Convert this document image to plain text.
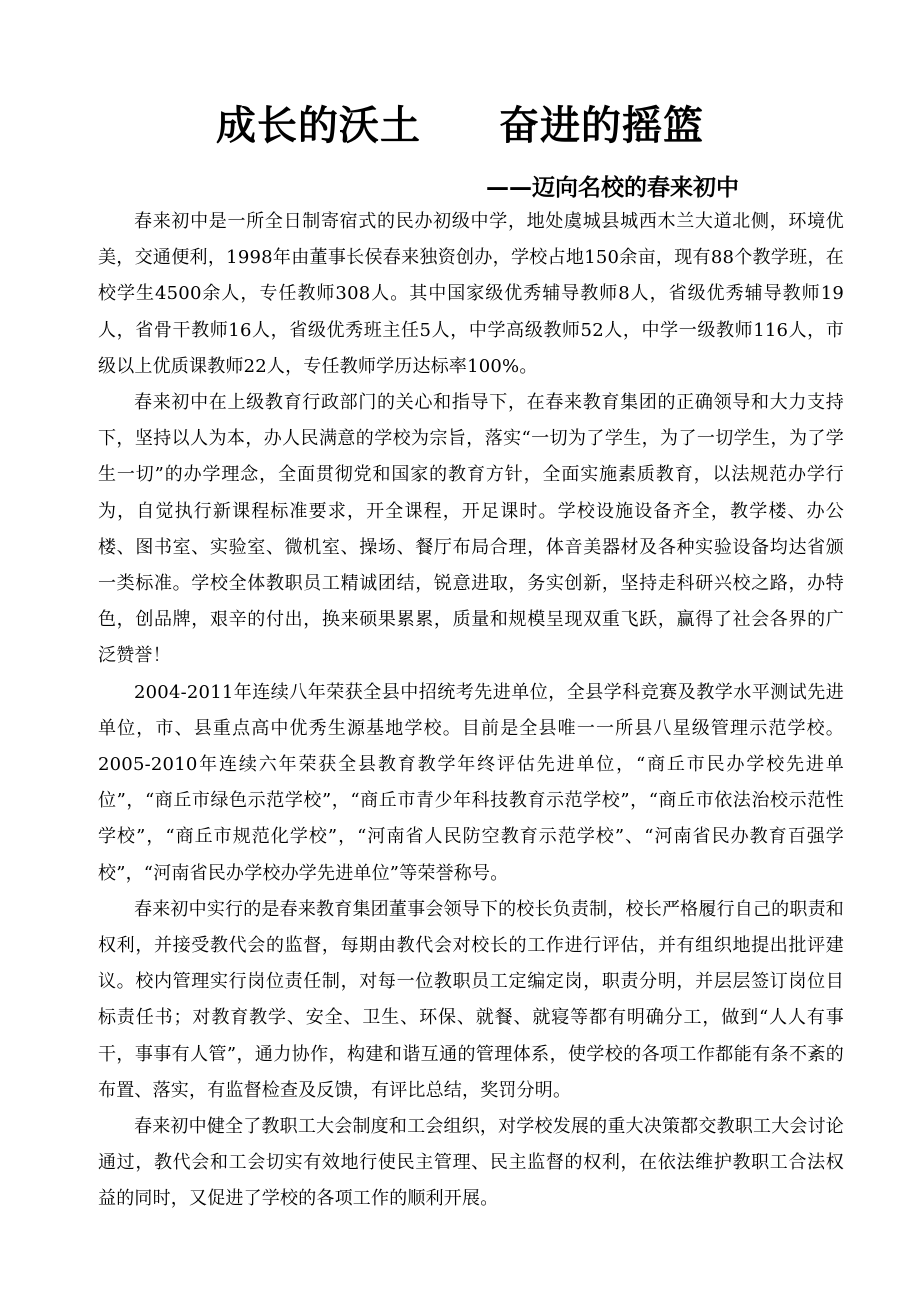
成长的沃土 奋进的摇篮
——迈向名校的春来初中

春来初中是一所全日制寄宿式的民办初级中学，地处虞城县城西木兰大道北侧，环境优美，交通便利，1998年由董事长侯春来独资创办，学校占地150余亩，现有88个教学班，在校学生4500余人，专任教师308人。其中国家级优秀辅导教师8人，省级优秀辅导教师19人，省骨干教师16人，省级优秀班主任5人，中学高级教师52人，中学一级教师116人，市级以上优质课教师22人，专任教师学历达标率100%。

春来初中在上级教育行政部门的关心和指导下，在春来教育集团的正确领导和大力支持下，坚持以人为本，办人民满意的学校为宗旨，落实“一切为了学生，为了一切学生，为了学生一切”的办学理念，全面贯彻党和国家的教育方针，全面实施素质教育，以法规范办学行为，自觉执行新课程标准要求，开全课程，开足课时。学校设施设备齐全，教学楼、办公楼、图书室、实验室、微机室、操场、餐厅布局合理，体音美器材及各种实验设备均达省颁一类标准。学校全体教职员工精诚团结，锐意进取，务实创新，坚持走科研兴校之路，办特色，创品牌，艰辛的付出，换来硕果累累，质量和规模呈现双重飞跃，赢得了社会各界的广泛赞誉！

2004-2011年连续八年荣获全县中招统考先进单位，全县学科竞赛及教学水平测试先进单位，市、县重点高中优秀生源基地学校。目前是全县唯一一所县八星级管理示范学校。2005-2010年连续六年荣获全县教育教学年终评估先进单位，“商丘市民办学校先进单位”，“商丘市绿色示范学校”，“商丘市青少年科技教育示范学校”，“商丘市依法治校示范性学校”，“商丘市规范化学校”，“河南省人民防空教育示范学校”、“河南省民办教育百强学校”，“河南省民办学校办学先进单位”等荣誉称号。

春来初中实行的是春来教育集团董事会领导下的校长负责制，校长严格履行自己的职责和权利，并接受教代会的监督，每期由教代会对校长的工作进行评估，并有组织地提出批评建议。校内管理实行岗位责任制，对每一位教职员工定编定岗，职责分明，并层层签订岗位目标责任书；对教育教学、安全、卫生、环保、就餐、就寝等都有明确分工，做到“人人有事干，事事有人管”，通力协作，构建和谐互通的管理体系，使学校的各项工作都能有条不紊的布置、落实，有监督检查及反馈，有评比总结，奖罚分明。

春来初中健全了教职工大会制度和工会组织，对学校发展的重大决策都交教职工大会讨论通过，教代会和工会切实有效地行使民主管理、民主监督的权利，在依法维护教职工合法权益的同时，又促进了学校的各项工作的顺利开展。
